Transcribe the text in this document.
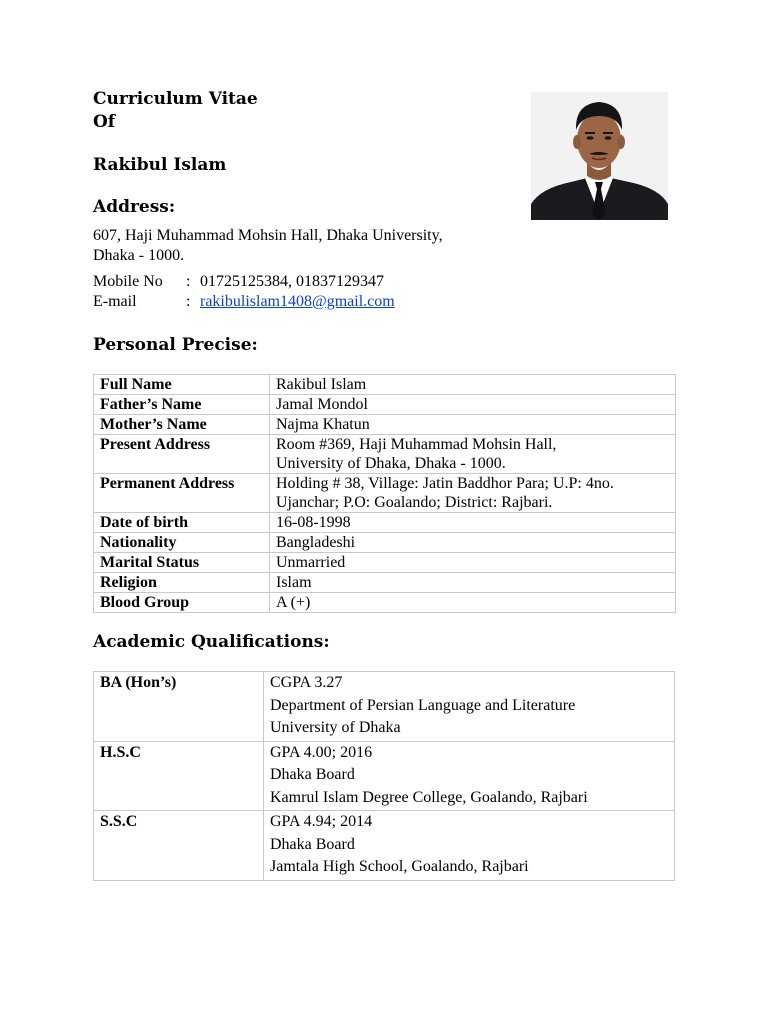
Curriculum Vitae
Of
Rakibul Islam
Address:
607, Haji Muhammad Mohsin Hall, Dhaka University,
Dhaka - 1000.
Mobile No : 01725125384, 01837129347
E-mail	: rakibulislam1408@gmail.com
Personal Precise:
Full Name	Rakibul Islam
Father’s Name	Jamal Mondol
Mother’s Name	Najma Khatun
Present Address	Room #369, Haji Muhammad Mohsin Hall,
University of Dhaka, Dhaka - 1000.

Permanent Address	Holding # 38, Village: Jatin Baddhor Para; U.P: 4no.
Ujanchar; P.O: Goalando; District: Rajbari.

Date of birth	16-08-1998
Nationality	Bangladeshi
Marital Status	Unmarried
Religion	Islam
Blood Group	A (+)
Academic Qualifications:
BA (Hon’s)	CGPA 3.27
Department of Persian Language and Literature
University of Dhaka

H.S.C	GPA 4.00; 2016
Dhaka Board
Kamrul Islam Degree College, Goalando, Rajbari

S.S.C	GPA 4.94; 2014
Dhaka Board
Jamtala High School, Goalando, Rajbari
